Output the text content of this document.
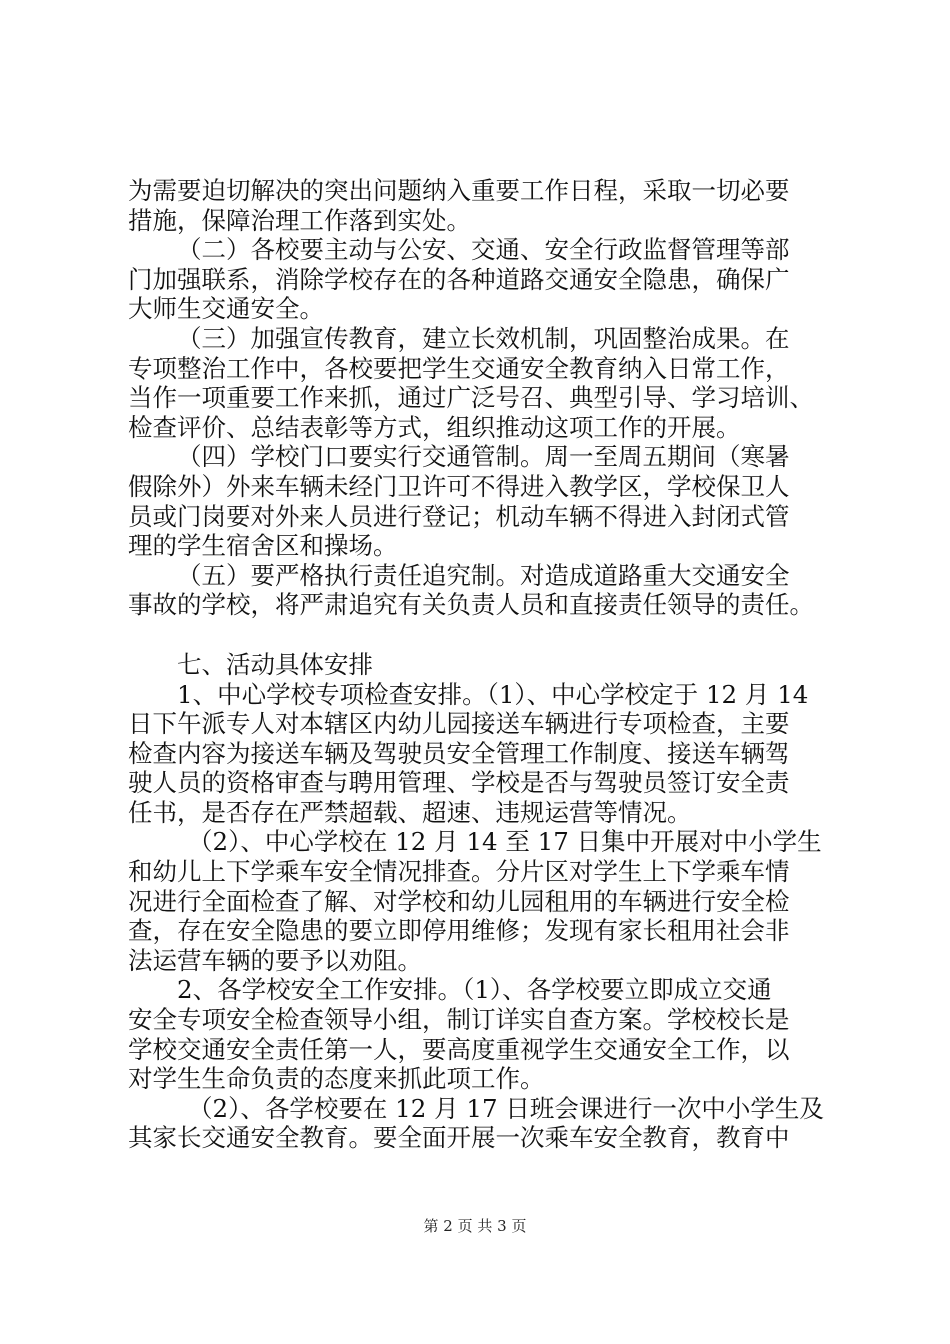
为需要迫切解决的突出问题纳入重要工作日程，采取一切必要
措施，保障治理工作落到实处。
（二）各校要主动与公安、交通、安全行政监督管理等部
门加强联系，消除学校存在的各种道路交通安全隐患，确保广
大师生交通安全。
（三）加强宣传教育，建立长效机制，巩固整治成果。在
专项整治工作中，各校要把学生交通安全教育纳入日常工作，
当作一项重要工作来抓，通过广泛号召、典型引导、学习培训、
检查评价、总结表彰等方式，组织推动这项工作的开展。
（四）学校门口要实行交通管制。周一至周五期间（寒暑
假除外）外来车辆未经门卫许可不得进入教学区，学校保卫人
员或门岗要对外来人员进行登记；机动车辆不得进入封闭式管
理的学生宿舍区和操场。
（五）要严格执行责任追究制。对造成道路重大交通安全
事故的学校，将严肃追究有关负责人员和直接责任领导的责任。
七、活动具体安排
1、中心学校专项检查安排。（1）、中心学校定于 12 月 14
日下午派专人对本辖区内幼儿园接送车辆进行专项检查，主要
检查内容为接送车辆及驾驶员安全管理工作制度、接送车辆驾
驶人员的资格审查与聘用管理、学校是否与驾驶员签订安全责
任书，是否存在严禁超载、超速、违规运营等情况。
（2）、中心学校在 12 月 14 至 17 日集中开展对中小学生
和幼儿上下学乘车安全情况排查。分片区对学生上下学乘车情
况进行全面检查了解、对学校和幼儿园租用的车辆进行安全检
查，存在安全隐患的要立即停用维修；发现有家长租用社会非
法运营车辆的要予以劝阻。
2、各学校安全工作安排。（1）、各学校要立即成立交通
安全专项安全检查领导小组，制订详实自查方案。学校校长是
学校交通安全责任第一人，要高度重视学生交通安全工作，以
对学生生命负责的态度来抓此项工作。
（2）、各学校要在 12 月 17 日班会课进行一次中小学生及
其家长交通安全教育。要全面开展一次乘车安全教育，教育中
第 2 页 共 3 页
